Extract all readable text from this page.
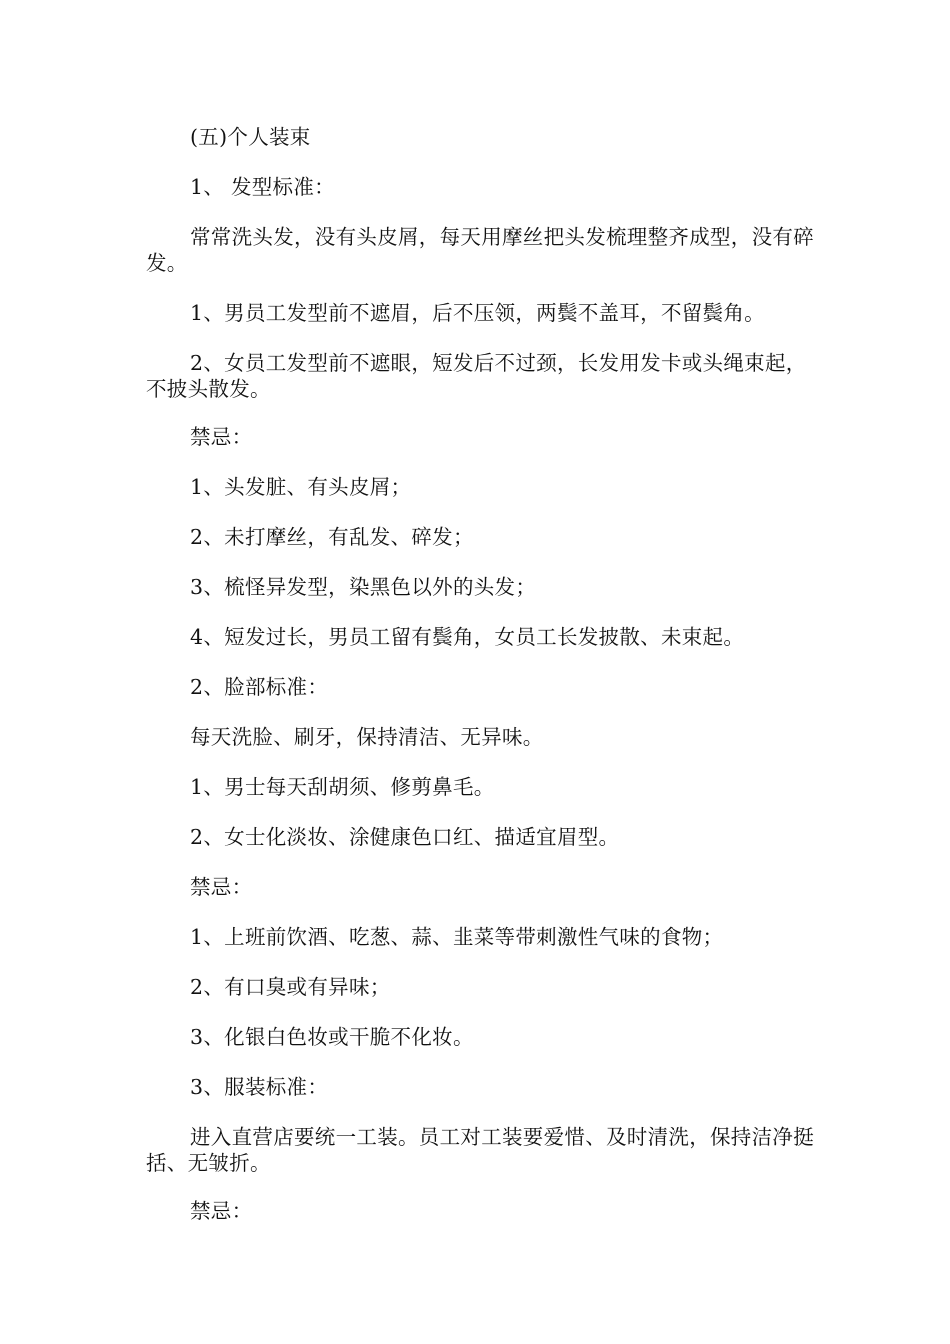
(五)个人装束

1、 发型标准：

常常洗头发，没有头皮屑，每天用摩丝把头发梳理整齐成型，没有碎发。

1、男员工发型前不遮眉，后不压领，两鬓不盖耳，不留鬓角。

2、女员工发型前不遮眼，短发后不过颈，长发用发卡或头绳束起，不披头散发。

禁忌：

1、头发脏、有头皮屑；

2、未打摩丝，有乱发、碎发；

3、梳怪异发型，染黑色以外的头发；

4、短发过长，男员工留有鬓角，女员工长发披散、未束起。

2、脸部标准：

每天洗脸、刷牙，保持清洁、无异味。

1、男士每天刮胡须、修剪鼻毛。

2、女士化淡妆、涂健康色口红、描适宜眉型。

禁忌：

1、上班前饮酒、吃葱、蒜、韭菜等带刺激性气味的食物；

2、有口臭或有异味；

3、化银白色妆或干脆不化妆。

3、服装标准：

进入直营店要统一工装。员工对工装要爱惜、及时清洗，保持洁净挺括、无皱折。

禁忌：
